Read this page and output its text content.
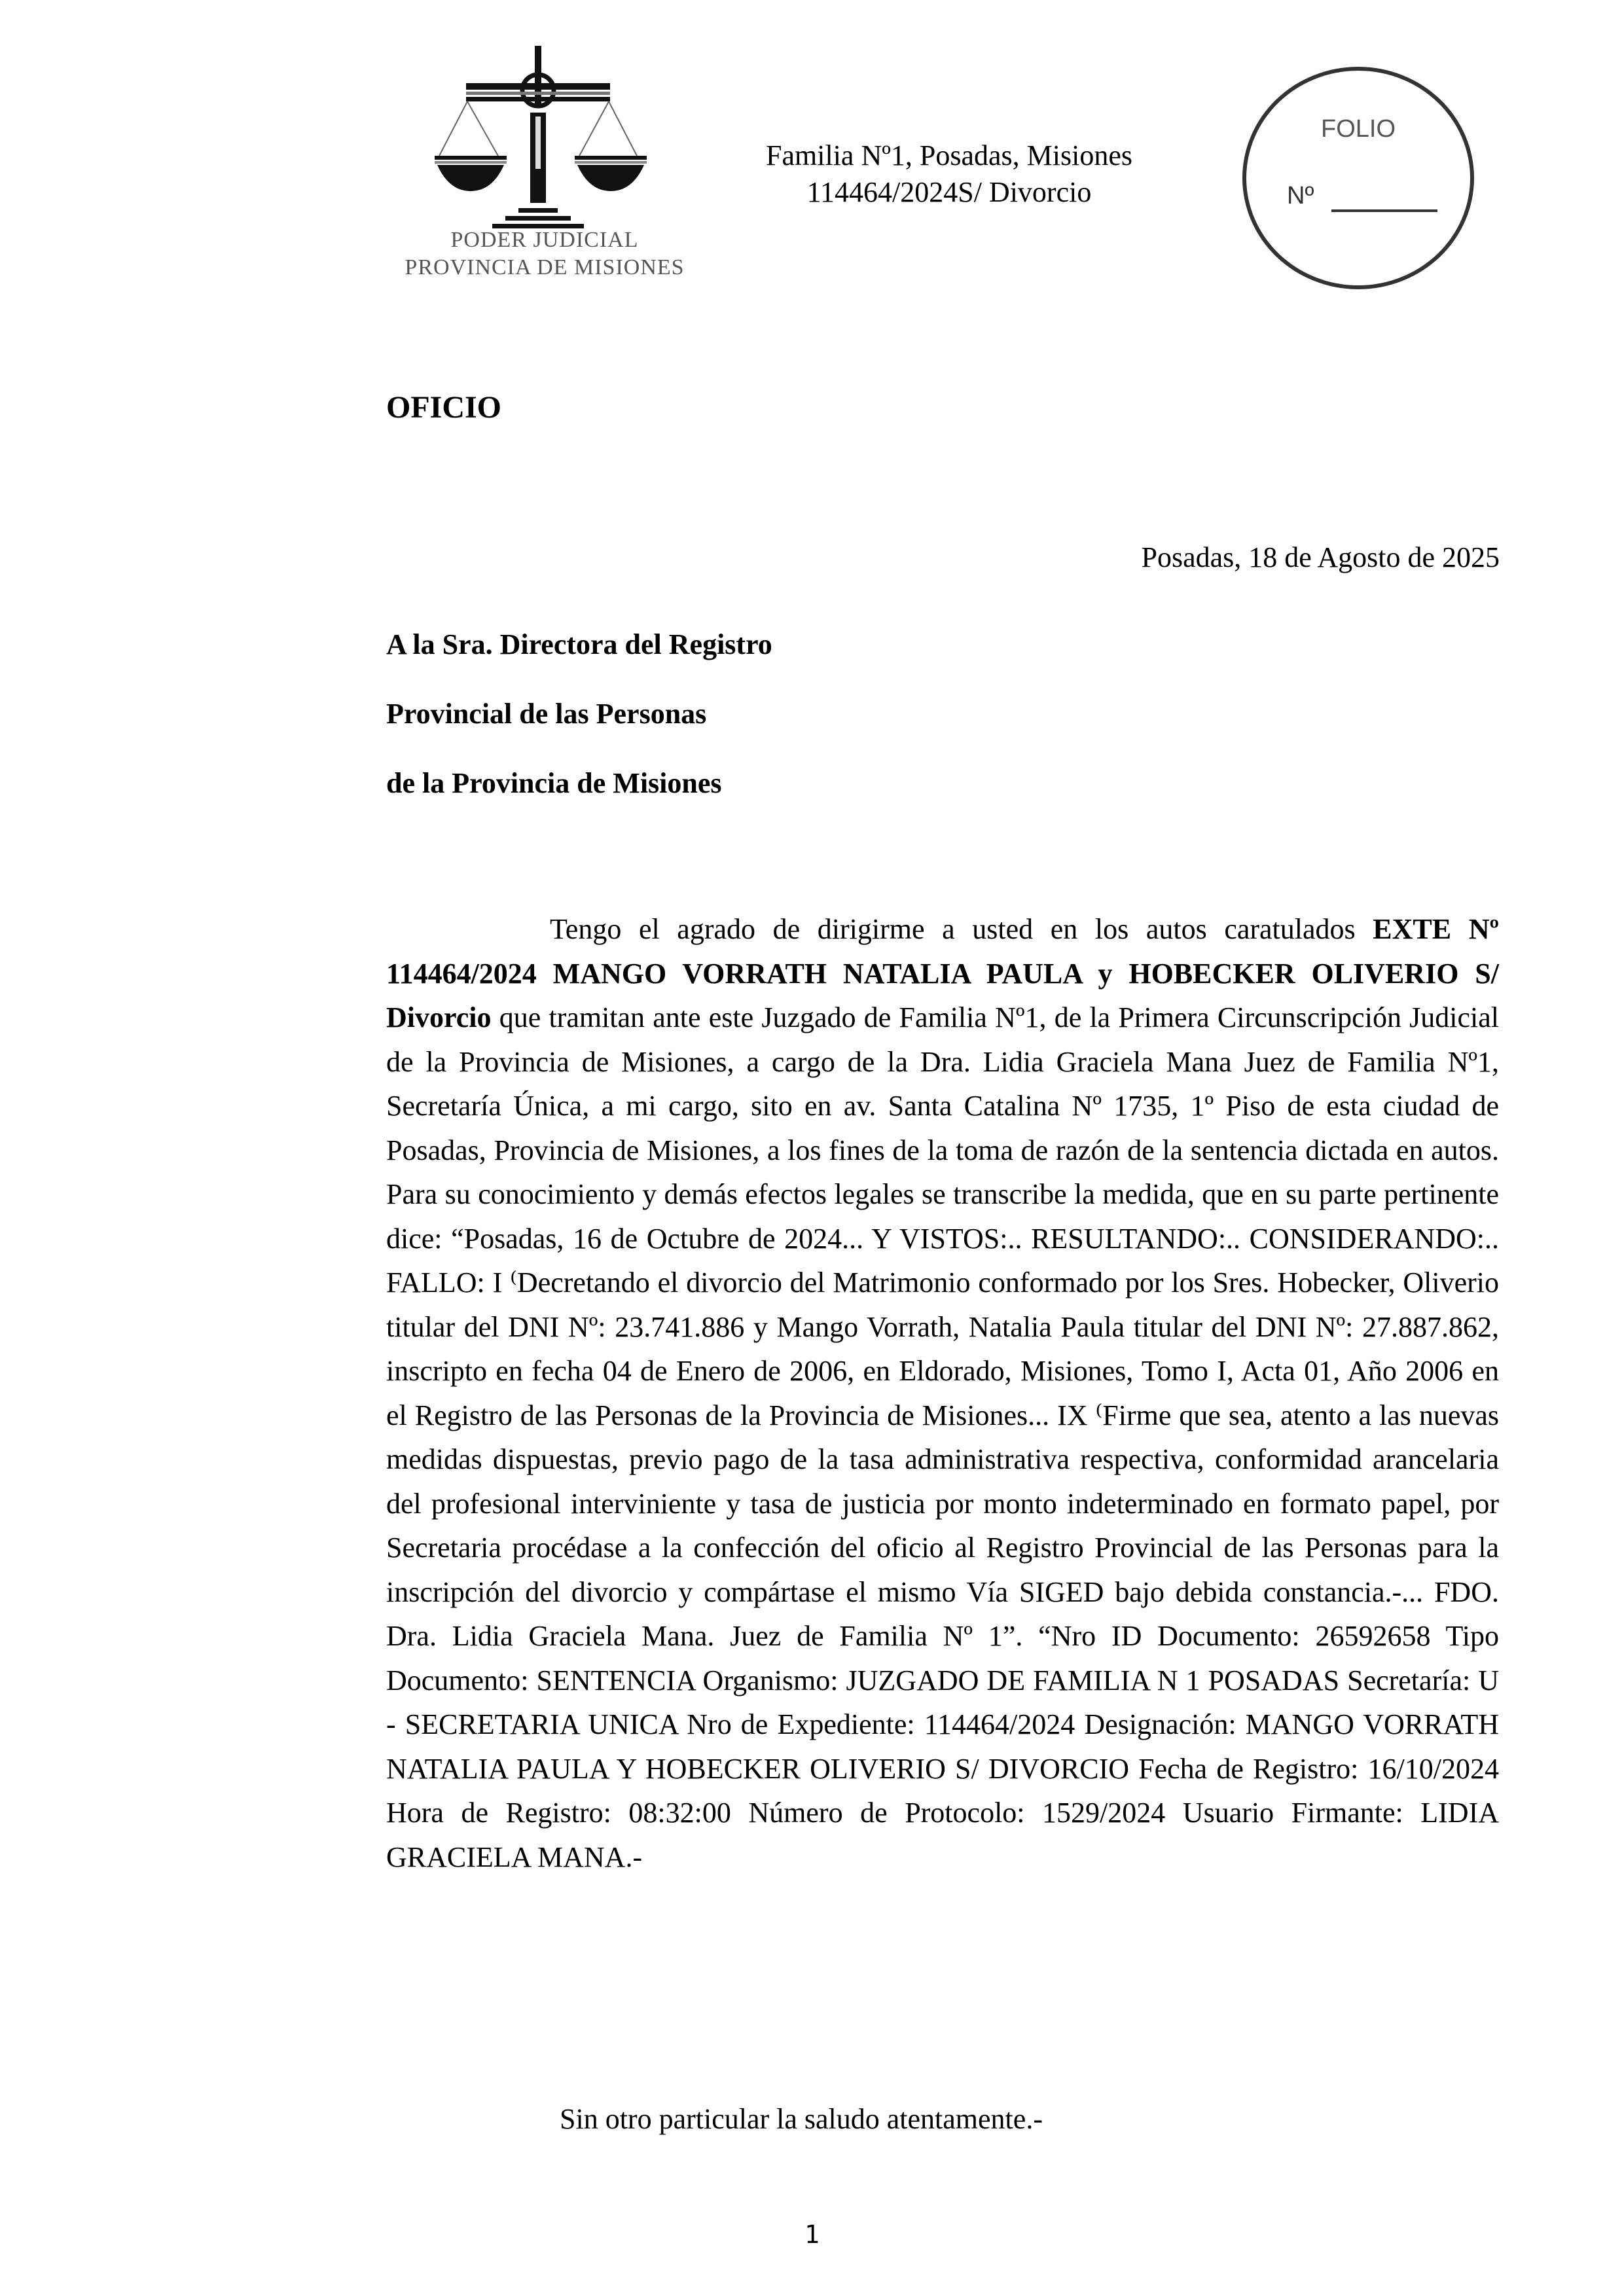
PODER JUDICIAL
PROVINCIA DE MISIONES
Familia Nº1, Posadas, Misiones
114464/2024S/ Divorcio
FOLIO
Nº
OFICIO
Posadas, 18 de Agosto de 2025
A la Sra. Directora del Registro
Provincial de las Personas
de la Provincia de Misiones

Tengo el agrado de dirigirme a usted en los autos caratulados EXTE Nº 114464/2024 MANGO VORRATH NATALIA PAULA y HOBECKER OLIVERIO S/ Divorcio que tramitan ante este Juzgado de Familia Nº1, de la Primera Circunscripción Judicial de la Provincia de Misiones, a cargo de la Dra. Lidia Graciela Mana Juez de Familia Nº1, Secretaría Única, a mi cargo, sito en av. Santa Catalina Nº 1735, 1º Piso de esta ciudad de Posadas, Provincia de Misiones, a los fines de la toma de razón de la sentencia dictada en autos. Para su conocimiento y demás efectos legales se transcribe la medida, que en su parte pertinente dice: “Posadas, 16 de Octubre de 2024... Y VISTOS:.. RESULTANDO:.. CONSIDERANDO:.. FALLO: I ⁽Decretando el divorcio del Matrimonio conformado por los Sres. Hobecker, Oliverio titular del DNI Nº: 23.741.886 y Mango Vorrath, Natalia Paula titular del DNI Nº: 27.887.862, inscripto en fecha 04 de Enero de 2006, en Eldorado, Misiones, Tomo I, Acta 01, Año 2006 en el Registro de las Personas de la Provincia de Misiones... IX ⁽Firme que sea, atento a las nuevas medidas dispuestas, previo pago de la tasa administrativa respectiva, conformidad arancelaria del profesional interviniente y tasa de justicia por monto indeterminado en formato papel, por Secretaria procédase a la confección del oficio al Registro Provincial de las Personas para la inscripción del divorcio y compártase el mismo Vía SIGED bajo debida constancia.-... FDO. Dra. Lidia Graciela Mana. Juez de Familia Nº 1”. “Nro ID Documento: 26592658 Tipo Documento: SENTENCIA Organismo: JUZGADO DE FAMILIA N 1 POSADAS Secretaría: U - SECRETARIA UNICA Nro de Expediente: 114464/2024 Designación: MANGO VORRATH NATALIA PAULA Y HOBECKER OLIVERIO S/ DIVORCIO Fecha de Registro: 16/10/2024 Hora de Registro: 08:32:00 Número de Protocolo: 1529/2024 Usuario Firmante: LIDIA GRACIELA MANA.-

Sin otro particular la saludo atentamente.-
1
